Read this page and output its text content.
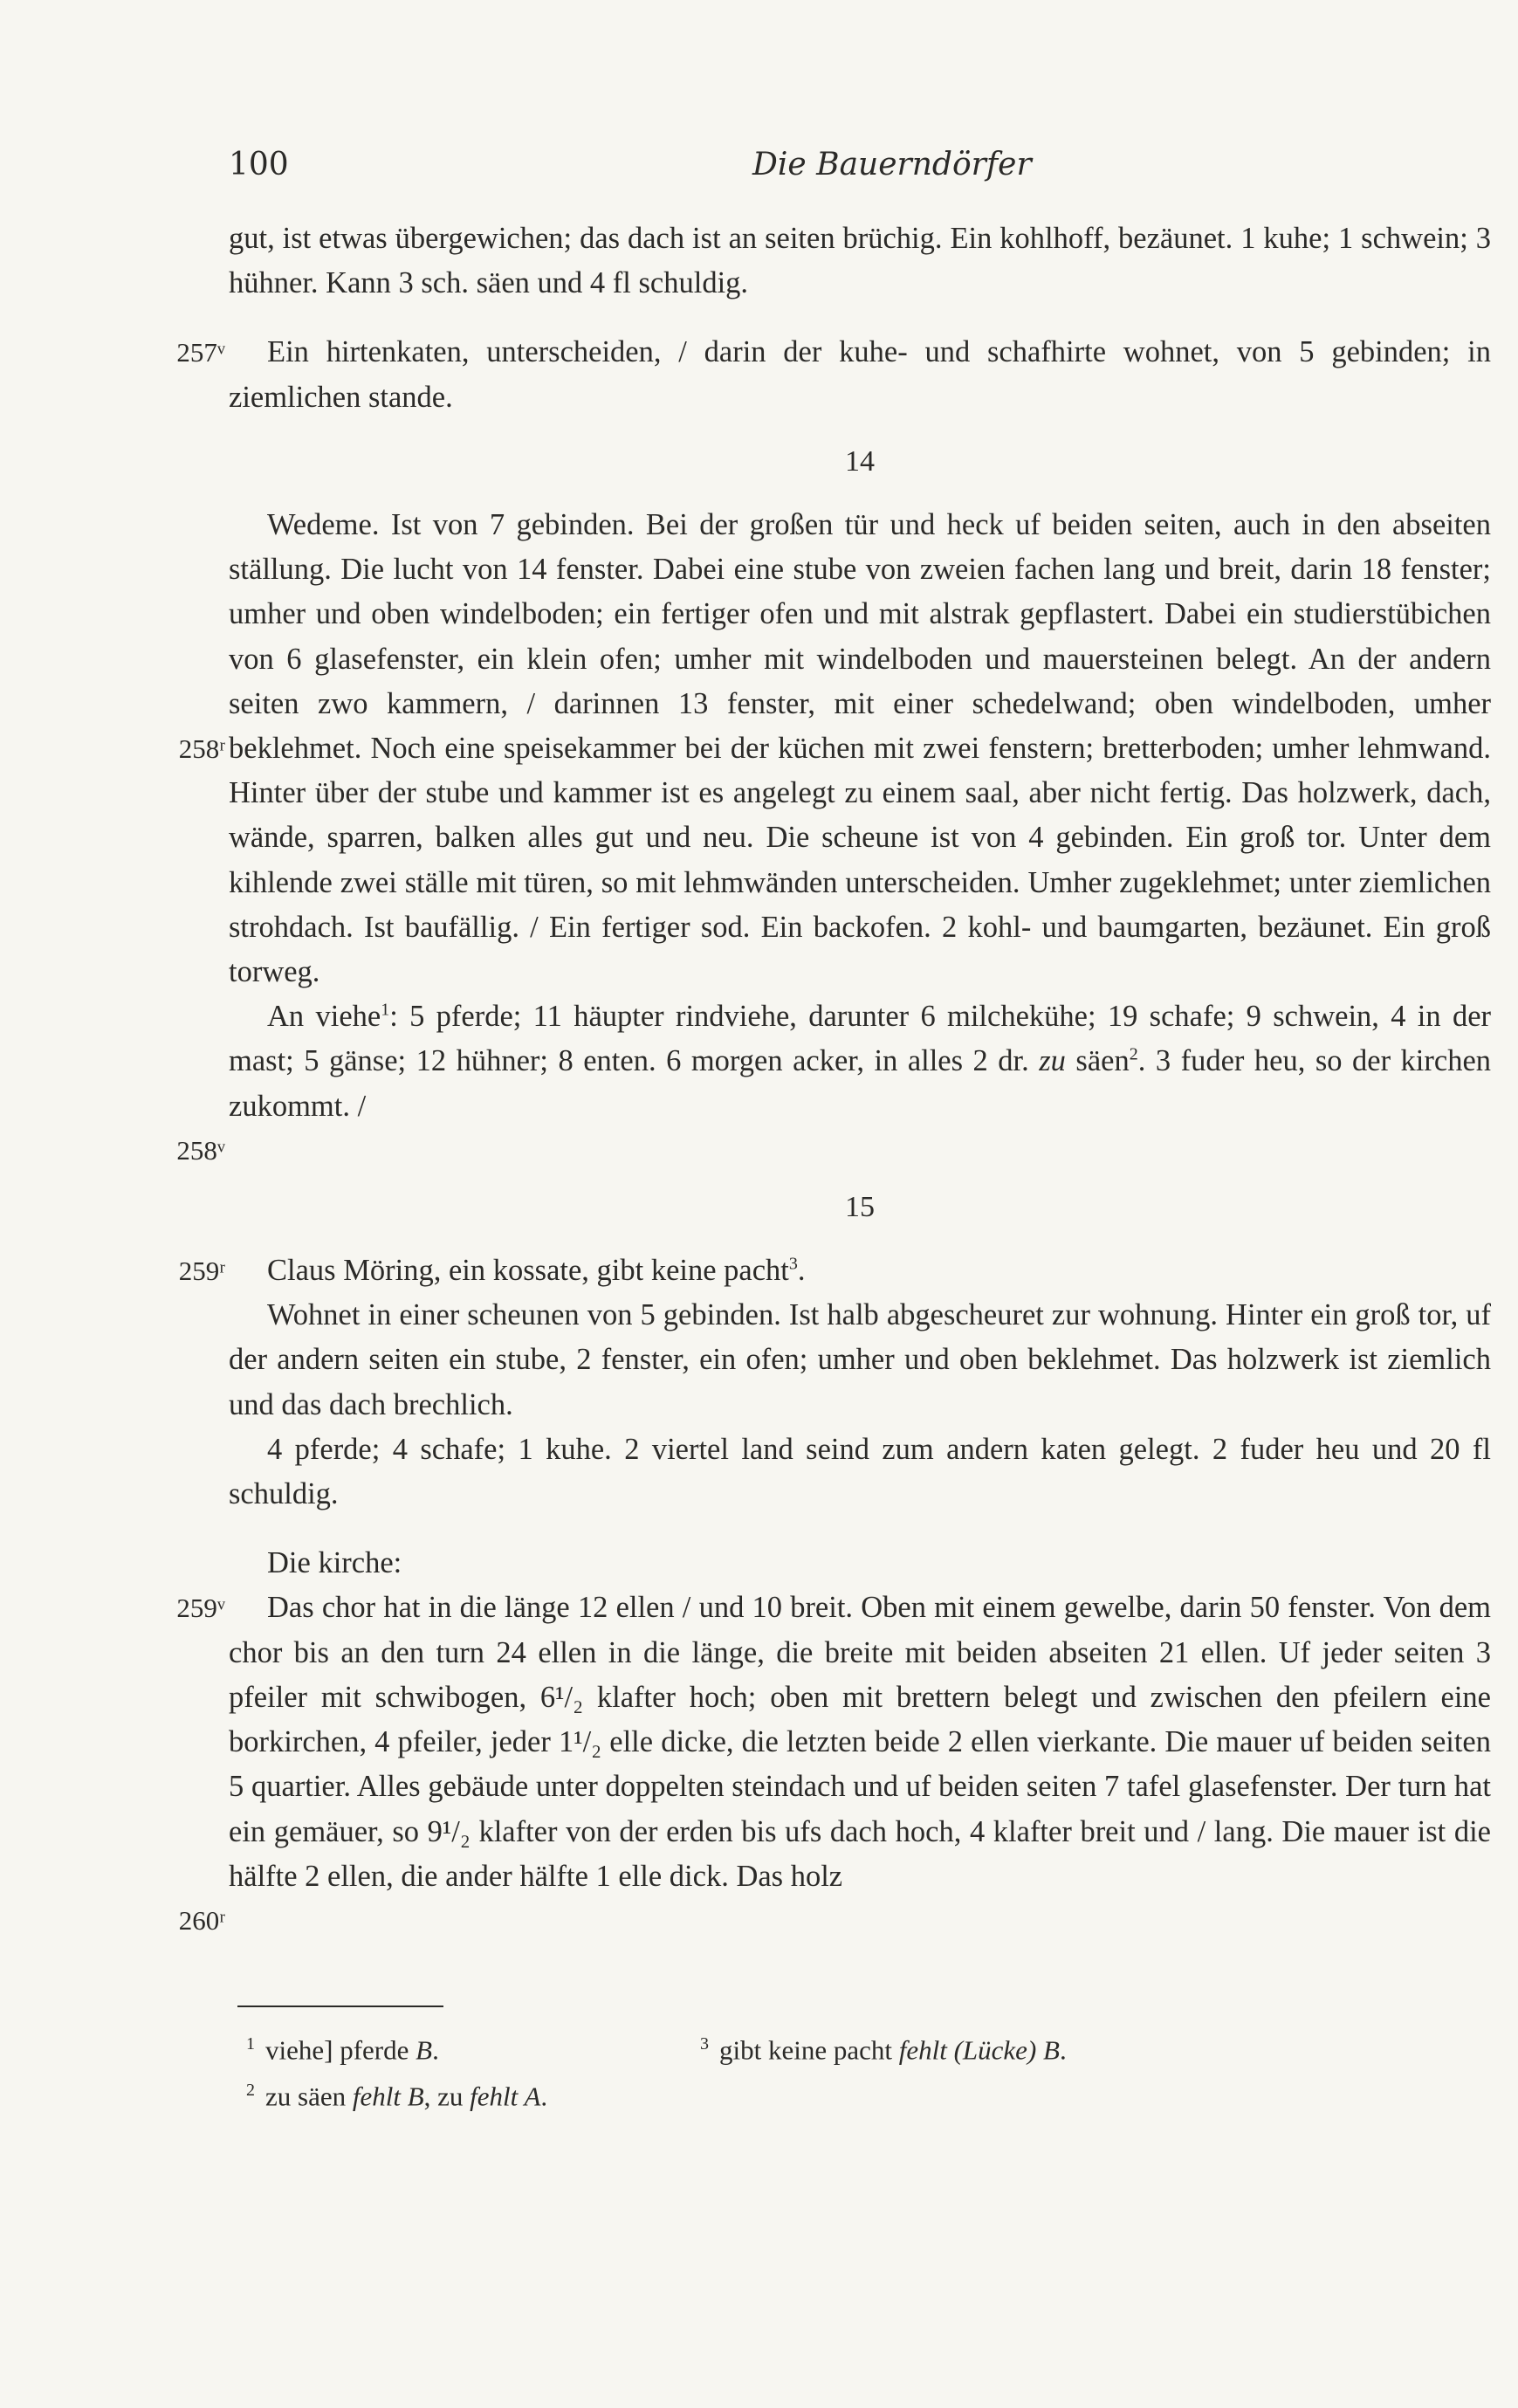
100	Die Bauerndörfer

gut, ist etwas übergewichen; das dach ist an seiten brüchig. Ein kohlhoff, bezäunet. 1 kuhe; 1 schwein; 3 hühner. Kann 3 sch. säen und 4 fl schuldig.

257ᵛ Ein hirtenkaten, unterscheiden, / darin der kuhe- und schafhirte wohnet, von 5 gebinden; in ziemlichen stande.

14

Wedeme. Ist von 7 gebinden. Bei der großen tür und heck uf beiden seiten, auch in den abseiten ställung. Die lucht von 14 fenster. Dabei eine stube von zweien fachen lang und breit, darin 18 fenster; umher und oben windelboden; ein fertiger ofen und mit alstrak gepflastert. Dabei ein studierstübichen von 6 glasefenster, ein klein ofen; umher mit windelboden und mauersteinen belegt. An der andern seiten
258ʳ
zwo kammern, / darinnen 13 fenster, mit einer schedelwand; oben windelboden, umher beklehmet. Noch eine speisekammer bei der küchen mit zwei fenstern; bretterboden; umher lehmwand. Hinter über der stube und kammer ist es angelegt zu einem saal, aber nicht fertig. Das holzwerk, dach, wände, sparren, balken alles gut und neu. Die scheune ist von 4 gebinden. Ein groß tor. Unter dem kihlende zwei ställe mit türen, so mit lehmwänden unterscheiden. Umher zugeklehmet; unter
258ᵛ
ziemlichen strohdach. Ist baufällig. / Ein fertiger sod. Ein backofen. 2 kohl- und baumgarten, bezäunet. Ein groß torweg.

An viehe$^1$: 5 pferde; 11 häupter rindviehe, darunter 6 milchekühe; 19 schafe; 9 schwein, 4 in der mast; 5 gänse; 12 hühner; 8 enten. 6 morgen acker, in alles 2 dr. zu säen$^2$. 3 fuder heu, so der kirchen zukommt. /

15

259ʳ Claus Möring, ein kossate, gibt keine pacht$^3$.

Wohnet in einer scheunen von 5 gebinden. Ist halb abgescheuret zur wohnung. Hinter ein groß tor, uf der andern seiten ein stube, 2 fenster, ein ofen; umher und oben beklehmet. Das holzwerk ist ziemlich und das dach brechlich.

4 pferde; 4 schafe; 1 kuhe. 2 viertel land seind zum andern katen gelegt. 2 fuder heu und 20 fl schuldig.

Die kirche:

259ᵛ Das chor hat in die länge 12 ellen / und 10 breit. Oben mit einem gewelbe, darin 50 fenster. Von dem chor bis an den turn 24 ellen in die länge, die breite mit beiden abseiten 21 ellen. Uf jeder seiten 3 pfeiler mit schwibogen, 6¹/₂ klafter hoch; oben mit brettern belegt und zwischen den pfeilern eine borkirchen, 4 pfeiler, jeder 1¹/₂ elle dicke, die letzten beide 2 ellen vierkante. Die mauer uf beiden seiten 5 quartier. Alles gebäude unter doppelten steindach und uf beiden seiten 7 tafel glasefenster. Der turn hat ein gemäuer, so 9¹/₂ klafter von der erden bis ufs dach hoch, 4 klafter
260ʳ
breit und / lang. Die mauer ist die hälfte 2 ellen, die ander hälfte 1 elle dick. Das holz

$^1$ viehe] pferde B.

$^2$ zu säen fehlt B, zu fehlt A.

$^3$ gibt keine pacht fehlt (Lücke) B.
